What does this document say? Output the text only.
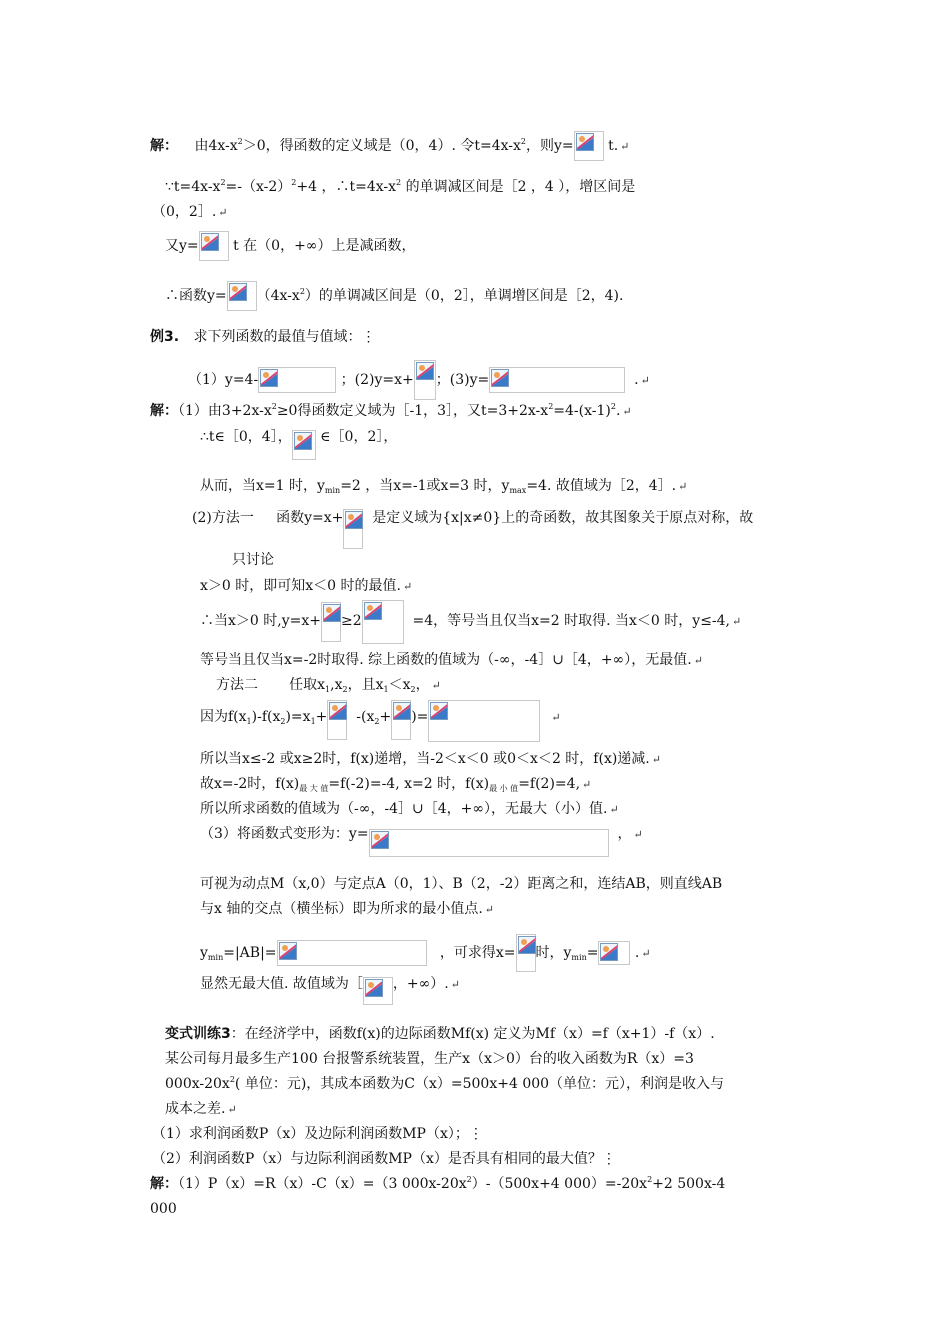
解： 由$4x-x^2>0$，得函数的定义域是（0，4）. 令$t=4x-x^2$，则y=
t. ↵
$\because t=4x-x^2=-(x-2)^2+4$ ，$\therefore t=4x-x^2$ 的单调减区间是［2 ，4 ），增区间是
（0，2］. ↵
又y=
t 在（0，+∞）上是减函数，
∴函数$y= (4x-x^2)$的单调减区间是（0，2］，单调增区间是［2，4).
例3. 求下列函数的最值与值域：⋮
（1）y=4-	；(2)y=x+ ；(3)y=	. ↵
解：（1）由$3+2x-x^2\ge 0$得函数定义域为［-1，3］，又$t=3+2x-x^2=4-(x-1)^2$. ↵
∴t∈［0，4］，
∈［0，2］，
从而，当x=1 时，$y_{min}=2$ ，当x=-1或x=3 时，$y_{max}=4$. 故值域为［2，4］. ↵
(2)方法一     函数y=x+
是定义域为{x|x≠0}上的奇函数，故其图象关于原点对称，故
只讨论
x＞0 时，即可知x＜0 时的最值. ↵
∴当x＞0 时,y=x+ ≥2	=4，等号当且仅当x=2 时取得. 当x＜0 时，y≤-4, ↵
等号当且仅当x=-2时取得. 综上函数的值域为（-∞，-4］∪［4，+∞），无最值. ↵
方法二       任取$x_1,x_2$，且$x_1<x_2$， ↵
因为$f(x_1)-f(x_2)=x_1+$
$-(x_2+$ )=	↵
所以当x≤-2 或x≥2时，f(x)递增，当-2＜x＜0 或0＜x＜2 时，f(x)递减. ↵
故x=-2时，$f(x)_{最 大 值}=f(-2)=-4$, x=2 时，$f(x)_{最 小 值}=f(2)=4$, ↵
所以所求函数的值域为（-∞，-4］∪［4，+∞），无最大（小）值. ↵
（3）将函数式变形为：y=	， ↵
可视为动点M（x,0）与定点A（0，1）、B（2，-2）距离之和，连结AB，则直线AB
与x 轴的交点（横坐标）即为所求的最小值点. ↵
$y_{min}=|AB|=$	，可求得x= 时，$y_{min}=$
. ↵
显然无最大值. 故值域为［ ，+∞）. ↵
变式训练3：在经济学中，函数f(x)的边际函数Mf(x) 定义为Mf（x）=f（x+1）-f（x）.
某公司每月最多生产100 台报警系统装置，生产x（x＞0）台的收入函数为R（x）=3
$000x-20x^2$( 单位：元)，其成本函数为C（x）=500x+4 000（单位：元），利润是收入与
成本之差. ↵
（1）求利润函数P（x）及边际利润函数MP（x）；⋮
（2）利润函数P（x）与边际利润函数MP（x）是否具有相同的最大值？⋮
解：（1）P（x）=R（x）-C（x）=（3 $000x-20x^2)-(500x+4$ $000)=-20x^2+2$ 500x-4
000
